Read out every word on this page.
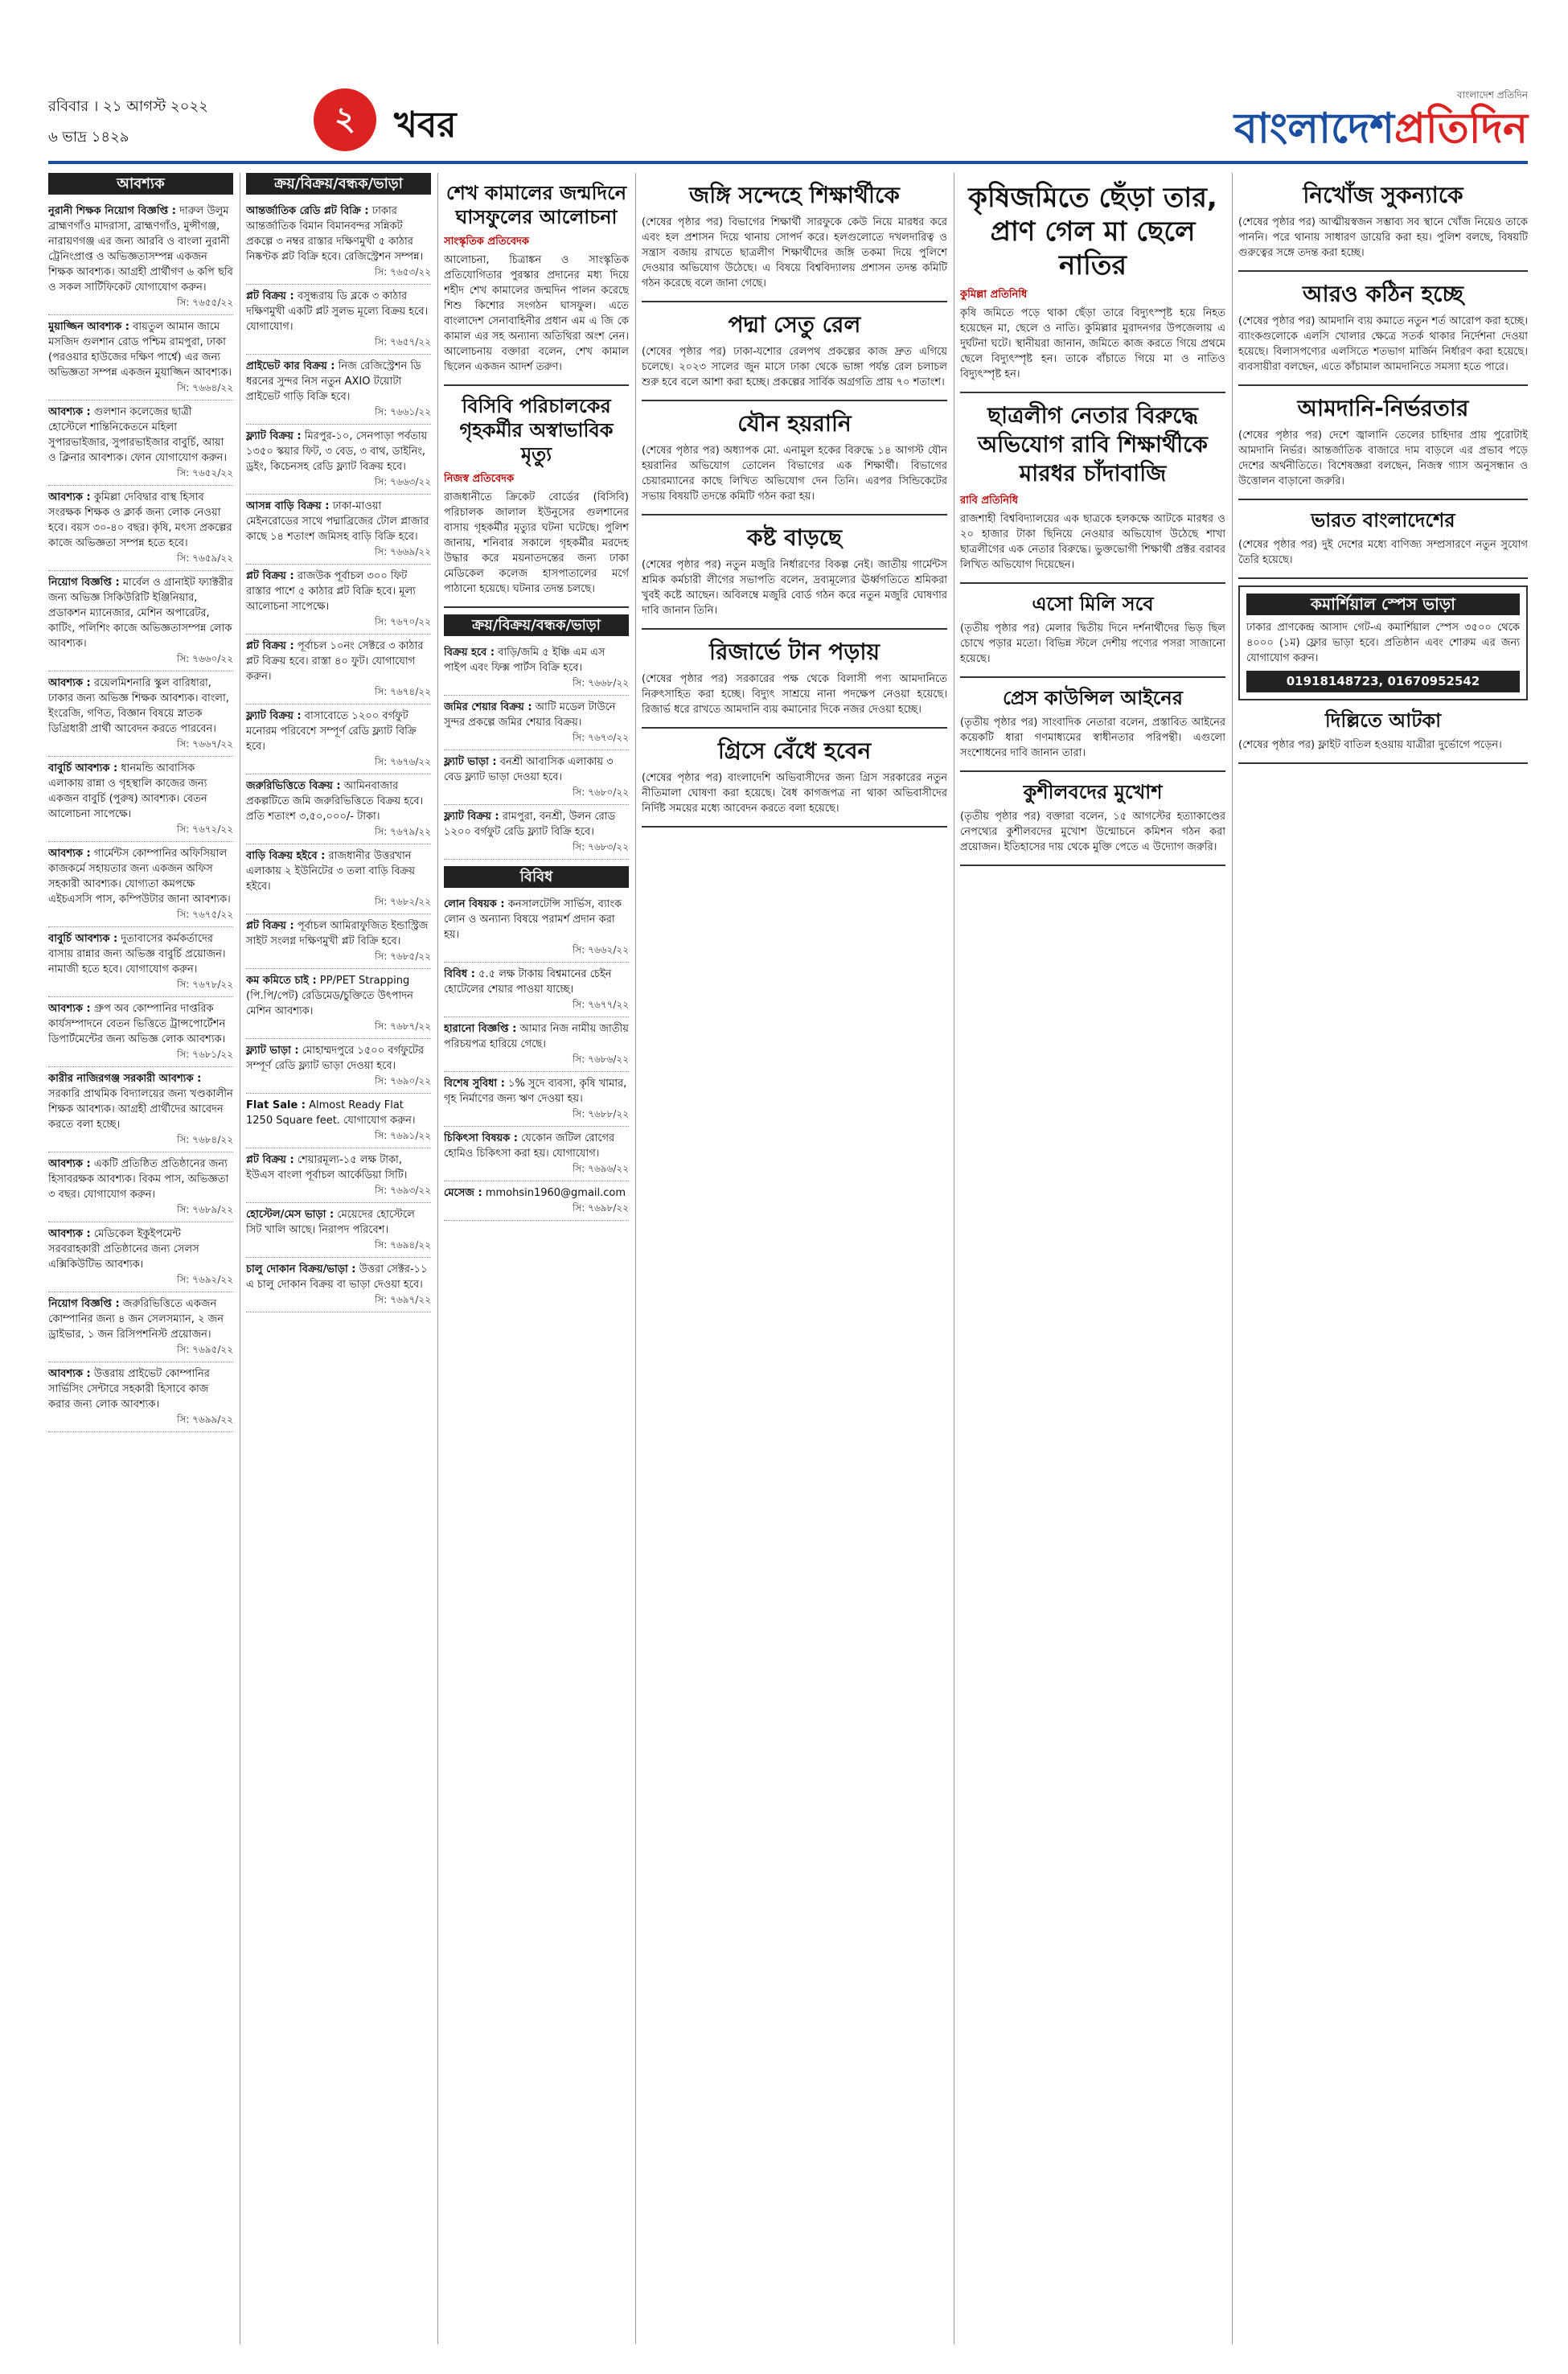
রবিবার । ২১ আগস্ট ২০২২
৬ ভাদ্র ১৪২৯	২	খবর
বাংলাদেশ প্রতিদিন
বাংলাদেশপ্রতিদিন
আবশ্যক
নুরানী শিক্ষক নিয়োগ বিজ্ঞপ্তি : দারুল উলুম ব্রাহ্মণগাঁও মাদরাসা, ব্রাহ্মণগাঁও, মুন্সীগঞ্জ, নারায়ণগঞ্জ এর জন্য আরবি ও বাংলা নুরানী ট্রেনিংপ্রাপ্ত ও অভিজ্ঞতাসম্পন্ন একজন শিক্ষক আবশ্যক। আগ্রহী প্রার্থীগণ ৬ কপি ছবি ও সকল সার্টিফিকেট যোগাযোগ করুন।
সি: ৭৬৫৫/২২
মুয়াজ্জিন আবশ্যক : বায়তুল আমান জামে মসজিদ গুলশান রোড পশ্চিম রামপুরা, ঢাকা (পরওয়ার হাউজের দক্ষিণ পার্শ্বে) এর জন্য অভিজ্ঞতা সম্পন্ন একজন মুয়াজ্জিন আবশ্যক।
সি: ৭৬৬৪/২২
আবশ্যক : গুলশান কলেজের ছাত্রী হোস্টেলে শান্তিনিকেতনে মহিলা সুপারভাইজার, সুপারভাইজার বাবুর্চি, আয়া ও ক্লিনার আবশ্যক। ফোন যোগাযোগ করুন।
সি: ৭৬৫২/২২
আবশ্যক : কুমিল্লা দেবিদ্বার বাস্থ হিসাব সংরক্ষক শিক্ষক ও ক্লার্ক জন্য লোক নেওয়া হবে। বয়স ৩০-৪০ বছর। কৃষি, মৎস্য প্রকল্পের কাজে অভিজ্ঞতা সম্পন্ন হতে হবে।
সি: ৭৬৫৯/২২
নিয়োগ বিজ্ঞপ্তি : মার্বেল ও গ্রানাইট ফ্যাক্টরীর জন্য অভিজ্ঞ সিকিউরিটি ইঞ্জিনিয়ার, প্রডাকশন ম্যানেজার, মেশিন অপারেটর, কাটিং, পলিশিং কাজে অভিজ্ঞতাসম্পন্ন লোক আবশ্যক।
সি: ৭৬৬০/২২
আবশ্যক : রয়েলমিশনারি স্কুল বারিধারা, ঢাকার জন্য অভিজ্ঞ শিক্ষক আবশ্যক। বাংলা, ইংরেজি, গণিত, বিজ্ঞান বিষয়ে স্নাতক ডিগ্রিধারী প্রার্থী আবেদন করতে পারবেন।
সি: ৭৬৬৭/২২
বাবুর্চি আবশ্যক : ধানমন্ডি আবাসিক এলাকায় রান্না ও গৃহস্থালি কাজের জন্য একজন বাবুর্চি (পুরুষ) আবশ্যক। বেতন আলোচনা সাপেক্ষে।
সি: ৭৬৭২/২২
আবশ্যক : গার্মেন্টস কোম্পানির অফিসিয়াল কাজকর্মে সহায়তার জন্য একজন অফিস সহকারী আবশ্যক। যোগ্যতা কমপক্ষে এইচএসসি পাস, কম্পিউটার জানা আবশ্যক।
সি: ৭৬৭৫/২২
বাবুর্চি আবশ্যক : দুতাবাসের কর্মকর্তাদের বাসায় রান্নার জন্য অভিজ্ঞ বাবুর্চি প্রয়োজন। নামাজী হতে হবে। যোগাযোগ করুন।
সি: ৭৬৭৮/২২
আবশ্যক : গ্রুপ অব কোম্পানির দাপ্তরিক কার্যসম্পাদনে বেতন ভিত্তিতে ট্রান্সপোর্টেশন ডিপার্টমেন্টের জন্য অভিজ্ঞ লোক আবশ্যক।
সি: ৭৬৮১/২২
কারীর নাজিরগঞ্জ সরকারী আবশ্যক : সরকারি প্রাথমিক বিদ্যালয়ের জন্য খণ্ডকালীন শিক্ষক আবশ্যক। আগ্রহী প্রার্থীদের আবেদন করতে বলা হচ্ছে।
সি: ৭৬৮৪/২২
আবশ্যক : একটি প্রতিষ্ঠিত প্রতিষ্ঠানের জন্য হিসাবরক্ষক আবশ্যক। বিকম পাস, অভিজ্ঞতা ৩ বছর। যোগাযোগ করুন।
সি: ৭৬৮৯/২২
আবশ্যক : মেডিকেল ইকুইপমেন্ট সরবরাহকারী প্রতিষ্ঠানের জন্য সেলস এক্সিকিউটিভ আবশ্যক।
সি: ৭৬৯২/২২
নিয়োগ বিজ্ঞপ্তি : জরুরিভিত্তিতে একজন কোম্পানির জন্য ৪ জন সেলসম্যান, ২ জন ড্রাইভার, ১ জন রিসিপশনিস্ট প্রয়োজন।
সি: ৭৬৯৫/২২
আবশ্যক : উত্তরায় প্রাইভেট কোম্পানির সার্ভিসিং সেন্টারে সহকারী হিসাবে কাজ করার জন্য লোক আবশ্যক।
সি: ৭৬৯৯/২২
ক্রয়/বিক্রয়/বন্ধক/ভাড়া
আন্তর্জাতিক রেডি প্লট বিক্রি : ঢাকার আন্তর্জাতিক বিমান বিমানবন্দর সন্নিকট প্রকল্পে ৩ নম্বর রাস্তার দক্ষিণমুখী ৫ কাঠার নিষ্কণ্টক প্লট বিক্রি হবে। রেজিস্ট্রেশন সম্পন্ন।
সি: ৭৬৫৩/২২
প্লট বিক্রয় : বসুন্ধরায় ডি ব্লকে ৩ কাঠার দক্ষিণমুখী একটি প্লট সুলভ মূল্যে বিক্রয় হবে। যোগাযোগ।
সি: ৭৬৫৭/২২
প্রাইভেট কার বিক্রয় : নিজ রেজিস্ট্রেশন ডি ধরনের সুন্দর নিস নতুন AXIO টয়োটা প্রাইভেট গাড়ি বিক্রি হবে।
সি: ৭৬৬১/২২
ফ্ল্যাট বিক্রয় : মিরপুর-১০, সেনপাড়া পর্বতায় ১৩৫০ স্কয়ার ফিট, ৩ বেড, ৩ বাথ, ডাইনিং, ড্রইং, কিচেনসহ রেডি ফ্ল্যাট বিক্রয় হবে।
সি: ৭৬৬৩/২২
আসন্ন বাড়ি বিক্রয় : ঢাকা-মাওয়া মেইনরোডের সাথে পদ্মাব্রিজের টোল প্লাজার কাছে ১৪ শতাংশ জমিসহ বাড়ি বিক্রি হবে।
সি: ৭৬৬৯/২২
প্লট বিক্রয় : রাজউক পূর্বাচল ৩০০ ফিট রাস্তার পাশে ৫ কাঠার প্লট বিক্রি হবে। মূল্য আলোচনা সাপেক্ষে।
সি: ৭৬৭০/২২
প্লট বিক্রয় : পূর্বাচল ১০নং সেক্টরে ৩ কাঠার প্লট বিক্রয় হবে। রাস্তা ৪০ ফুট। যোগাযোগ করুন।
সি: ৭৬৭৪/২২
ফ্ল্যাট বিক্রয় : বাসাবোতে ১২০০ বর্গফুট মনোরম পরিবেশে সম্পূর্ণ রেডি ফ্ল্যাট বিক্রি হবে।
সি: ৭৬৭৬/২২
জরুরিভিত্তিতে বিক্রয় : আমিনবাজার প্রকল্পটিতে জমি জরুরিভিত্তিতে বিক্রয় হবে। প্রতি শতাংশ ৩,৫০,০০০/- টাকা।
সি: ৭৬৭৯/২২
বাড়ি বিক্রয় হইবে : রাজধানীর উত্তরখান এলাকায় ২ ইউনিটের ৩ তলা বাড়ি বিক্রয় হইবে।
সি: ৭৬৮২/২২
প্লট বিক্রয় : পূর্বাচল আমিরাফুজিত ইন্ডাস্ট্রিজ সাইট সংলগ্ন দক্ষিণমুখী প্লট বিক্রি হবে।
সি: ৭৬৮৫/২২
কম কমিতে চাই : PP/PET Strapping (পি.পি/পেট) রেডিমেড/চুক্তিতে উৎপাদন মেশিন আবশ্যক।
সি: ৭৬৮৭/২২
ফ্ল্যাট ভাড়া : মোহাম্মদপুরে ১৫০০ বর্গফুটের সম্পূর্ণ রেডি ফ্ল্যাট ভাড়া দেওয়া হবে।
সি: ৭৬৯০/২২
Flat Sale : Almost Ready Flat 1250 Square feet. যোগাযোগ করুন।
সি: ৭৬৯১/২২
প্লট বিক্রয় : শেয়ারমূল্য-১৫ লক্ষ টাকা, ইউএস বাংলা পূর্বাচল আর্কেডিয়া সিটি।
সি: ৭৬৯৩/২২
হোস্টেল/মেস ভাড়া : মেয়েদের হোস্টেলে সিট খালি আছে। নিরাপদ পরিবেশ।
সি: ৭৬৯৪/২২
চালু দোকান বিক্রয়/ভাড়া : উত্তরা সেক্টর-১১ এ চালু দোকান বিক্রয় বা ভাড়া দেওয়া হবে।
সি: ৭৬৯৭/২২
শেখ কামালের জন্মদিনে ঘাসফুলের আলোচনা
সাংস্কৃতিক প্রতিবেদক

আলোচনা, চিত্রাঙ্কন ও সাংস্কৃতিক প্রতিযোগিতার পুরস্কার প্রদানের মধ্য দিয়ে শহীদ শেখ কামালের জন্মদিন পালন করেছে শিশু কিশোর সংগঠন ঘাসফুল। এতে বাংলাদেশ সেনাবাহিনীর প্রধান এম এ জি কে কামাল এর সহ অন্যান্য অতিথিরা অংশ নেন। আলোচনায় বক্তারা বলেন, শেখ কামাল ছিলেন একজন আদর্শ তরুণ।

বিসিবি পরিচালকের গৃহকর্মীর অস্বাভাবিক মৃত্যু
নিজস্ব প্রতিবেদক

রাজধানীতে ক্রিকেট বোর্ডের (বিসিবি) পরিচালক জালাল ইউনুসের গুলশানের বাসায় গৃহকর্মীর মৃত্যুর ঘটনা ঘটেছে। পুলিশ জানায়, শনিবার সকালে গৃহকর্মীর মরদেহ উদ্ধার করে ময়নাতদন্তের জন্য ঢাকা মেডিকেল কলেজ হাসপাতালের মর্গে পাঠানো হয়েছে। ঘটনার তদন্ত চলছে।

ক্রয়/বিক্রয়/বন্ধক/ভাড়া
বিক্রয় হবে : বাড়ি/জমি ৫ ইঞ্চি এম এস পাইপ এবং ফিক্স পার্টস বিক্রি হবে।
সি: ৭৬৬৮/২২
জমির শেয়ার বিক্রয় : আটি মডেল টাউনে সুন্দর প্রকল্পে জমির শেয়ার বিক্রয়।
সি: ৭৬৭৩/২২
ফ্ল্যাট ভাড়া : বনশ্রী আবাসিক এলাকায় ৩ বেড ফ্ল্যাট ভাড়া দেওয়া হবে।
সি: ৭৬৮০/২২
ফ্ল্যাট বিক্রয় : রামপুরা, বনশ্রী, উলন রোড ১২০০ বর্গফুট রেডি ফ্ল্যাট বিক্রি হবে।
সি: ৭৬৮৩/২২
বিবিধ
লোন বিষয়ক : কনসালটেন্সি সার্ভিস, ব্যাংক লোন ও অন্যান্য বিষয়ে পরামর্শ প্রদান করা হয়।
সি: ৭৬৬২/২২
বিবিধ : ৫.৫ লক্ষ টাকায় বিশ্বমানের চেইন হোটেলের শেয়ার পাওয়া যাচ্ছে।
সি: ৭৬৭৭/২২
হারানো বিজ্ঞপ্তি : আমার নিজ নামীয় জাতীয় পরিচয়পত্র হারিয়ে গেছে।
সি: ৭৬৮৬/২২
বিশেষ সুবিধা : ১% সুদে ব্যবসা, কৃষি খামার, গৃহ নির্মাণের জন্য ঋণ দেওয়া হয়।
সি: ৭৬৮৮/২২
চিকিৎসা বিষয়ক : যেকোন জটিল রোগের হোমিও চিকিৎসা করা হয়। যোগাযোগ।
সি: ৭৬৯৬/২২
মেসেজ : mmohsin1960@gmail.com
সি: ৭৬৯৮/২২
জঙ্গি সন্দেহে শিক্ষার্থীকে

(শেষের পৃষ্ঠার পর) বিভাগের শিক্ষার্থী সারফুকে কেউ নিয়ে মারধর করে এবং হল প্রশাসন দিয়ে থানায় সোপর্দ করে। হলগুলোতে দখলদারিত্ব ও সন্ত্রাস বজায় রাখতে ছাত্রলীগ শিক্ষার্থীদের জঙ্গি তকমা দিয়ে পুলিশে দেওয়ার অভিযোগ উঠেছে। এ বিষয়ে বিশ্ববিদ্যালয় প্রশাসন তদন্ত কমিটি গঠন করেছে বলে জানা গেছে।

পদ্মা সেতু রেল

(শেষের পৃষ্ঠার পর) ঢাকা-যশোর রেলপথ প্রকল্পের কাজ দ্রুত এগিয়ে চলেছে। ২০২৩ সালের জুন মাসে ঢাকা থেকে ভাঙ্গা পর্যন্ত রেল চলাচল শুরু হবে বলে আশা করা হচ্ছে। প্রকল্পের সার্বিক অগ্রগতি প্রায় ৭০ শতাংশ।

যৌন হয়রানি

(শেষের পৃষ্ঠার পর) অধ্যাপক মো. এনামুল হকের বিরুদ্ধে ১৪ আগস্ট যৌন হয়রানির অভিযোগ তোলেন বিভাগের এক শিক্ষার্থী। বিভাগের চেয়ারম্যানের কাছে লিখিত অভিযোগ দেন তিনি। এরপর সিন্ডিকেটের সভায় বিষয়টি তদন্তে কমিটি গঠন করা হয়।

কষ্ট বাড়ছে

(শেষের পৃষ্ঠার পর) নতুন মজুরি নির্ধারণের বিকল্প নেই। জাতীয় গার্মেন্টস শ্রমিক কর্মচারী লীগের সভাপতি বলেন, দ্রব্যমূল্যের ঊর্ধ্বগতিতে শ্রমিকরা খুবই কষ্টে আছেন। অবিলম্বে মজুরি বোর্ড গঠন করে নতুন মজুরি ঘোষণার দাবি জানান তিনি।

রিজার্ভে টান পড়ায়

(শেষের পৃষ্ঠার পর) সরকারের পক্ষ থেকে বিলাসী পণ্য আমদানিতে নিরুৎসাহিত করা হচ্ছে। বিদ্যুৎ সাশ্রয়ে নানা পদক্ষেপ নেওয়া হয়েছে। রিজার্ভ ধরে রাখতে আমদানি ব্যয় কমানোর দিকে নজর দেওয়া হচ্ছে।

গ্রিসে বেঁধে হবেন

(শেষের পৃষ্ঠার পর) বাংলাদেশি অভিবাসীদের জন্য গ্রিস সরকারের নতুন নীতিমালা ঘোষণা করা হয়েছে। বৈধ কাগজপত্র না থাকা অভিবাসীদের নির্দিষ্ট সময়ের মধ্যে আবেদন করতে বলা হয়েছে।

কৃষিজমিতে ছেঁড়া তার, প্রাণ গেল মা ছেলে নাতির
কুমিল্লা প্রতিনিধি

কৃষি জমিতে পড়ে থাকা ছেঁড়া তারে বিদ্যুৎস্পৃষ্ট হয়ে নিহত হয়েছেন মা, ছেলে ও নাতি। কুমিল্লার মুরাদনগর উপজেলায় এ দুর্ঘটনা ঘটে। স্থানীয়রা জানান, জমিতে কাজ করতে গিয়ে প্রথমে ছেলে বিদ্যুৎস্পৃষ্ট হন। তাকে বাঁচাতে গিয়ে মা ও নাতিও বিদ্যুৎস্পৃষ্ট হন।

ছাত্রলীগ নেতার বিরুদ্ধে অভিযোগ রাবি শিক্ষার্থীকে মারধর চাঁদাবাজি
রাবি প্রতিনিধি

রাজশাহী বিশ্ববিদ্যালয়ের এক ছাত্রকে হলকক্ষে আটকে মারধর ও ২০ হাজার টাকা ছিনিয়ে নেওয়ার অভিযোগ উঠেছে শাখা ছাত্রলীগের এক নেতার বিরুদ্ধে। ভুক্তভোগী শিক্ষার্থী প্রক্টর বরাবর লিখিত অভিযোগ দিয়েছেন।

এসো মিলি সবে

(তৃতীয় পৃষ্ঠার পর) মেলার দ্বিতীয় দিনে দর্শনার্থীদের ভিড় ছিল চোখে পড়ার মতো। বিভিন্ন স্টলে দেশীয় পণ্যের পসরা সাজানো হয়েছে।

প্রেস কাউন্সিল আইনের

(তৃতীয় পৃষ্ঠার পর) সাংবাদিক নেতারা বলেন, প্রস্তাবিত আইনের কয়েকটি ধারা গণমাধ্যমের স্বাধীনতার পরিপন্থী। এগুলো সংশোধনের দাবি জানান তারা।

কুশীলবদের মুখোশ

(তৃতীয় পৃষ্ঠার পর) বক্তারা বলেন, ১৫ আগস্টের হত্যাকাণ্ডের নেপথ্যের কুশীলবদের মুখোশ উন্মোচনে কমিশন গঠন করা প্রয়োজন। ইতিহাসের দায় থেকে মুক্তি পেতে এ উদ্যোগ জরুরি।

নিখোঁজ সুকন্যাকে

(শেষের পৃষ্ঠার পর) আত্মীয়স্বজন সম্ভাব্য সব স্থানে খোঁজ নিয়েও তাকে পাননি। পরে থানায় সাধারণ ডায়েরি করা হয়। পুলিশ বলছে, বিষয়টি গুরুত্বের সঙ্গে তদন্ত করা হচ্ছে।

আরও কঠিন হচ্ছে

(শেষের পৃষ্ঠার পর) আমদানি ব্যয় কমাতে নতুন শর্ত আরোপ করা হচ্ছে। ব্যাংকগুলোকে এলসি খোলার ক্ষেত্রে সতর্ক থাকার নির্দেশনা দেওয়া হয়েছে। বিলাসপণ্যের এলসিতে শতভাগ মার্জিন নির্ধারণ করা হয়েছে। ব্যবসায়ীরা বলছেন, এতে কাঁচামাল আমদানিতে সমস্যা হতে পারে।

আমদানি-নির্ভরতার

(শেষের পৃষ্ঠার পর) দেশে জ্বালানি তেলের চাহিদার প্রায় পুরোটাই আমদানি নির্ভর। আন্তর্জাতিক বাজারে দাম বাড়লে এর প্রভাব পড়ে দেশের অর্থনীতিতে। বিশেষজ্ঞরা বলছেন, নিজস্ব গ্যাস অনুসন্ধান ও উত্তোলন বাড়ানো জরুরি।

ভারত বাংলাদেশের

(শেষের পৃষ্ঠার পর) দুই দেশের মধ্যে বাণিজ্য সম্প্রসারণে নতুন সুযোগ তৈরি হয়েছে।

কমার্শিয়াল স্পেস ভাড়া

ঢাকার প্রাণকেন্দ্র আসাদ গেট-এ কমার্শিয়াল স্পেস ৩৫০০ থেকে ৪০০০ (১ম) ফ্লোর ভাড়া হবে। প্রতিষ্ঠান এবং শোরুম এর জন্য যোগাযোগ করুন।

01918148723, 01670952542
দিল্লিতে আটকা

(শেষের পৃষ্ঠার পর) ফ্লাইট বাতিল হওয়ায় যাত্রীরা দুর্ভোগে পড়েন।
